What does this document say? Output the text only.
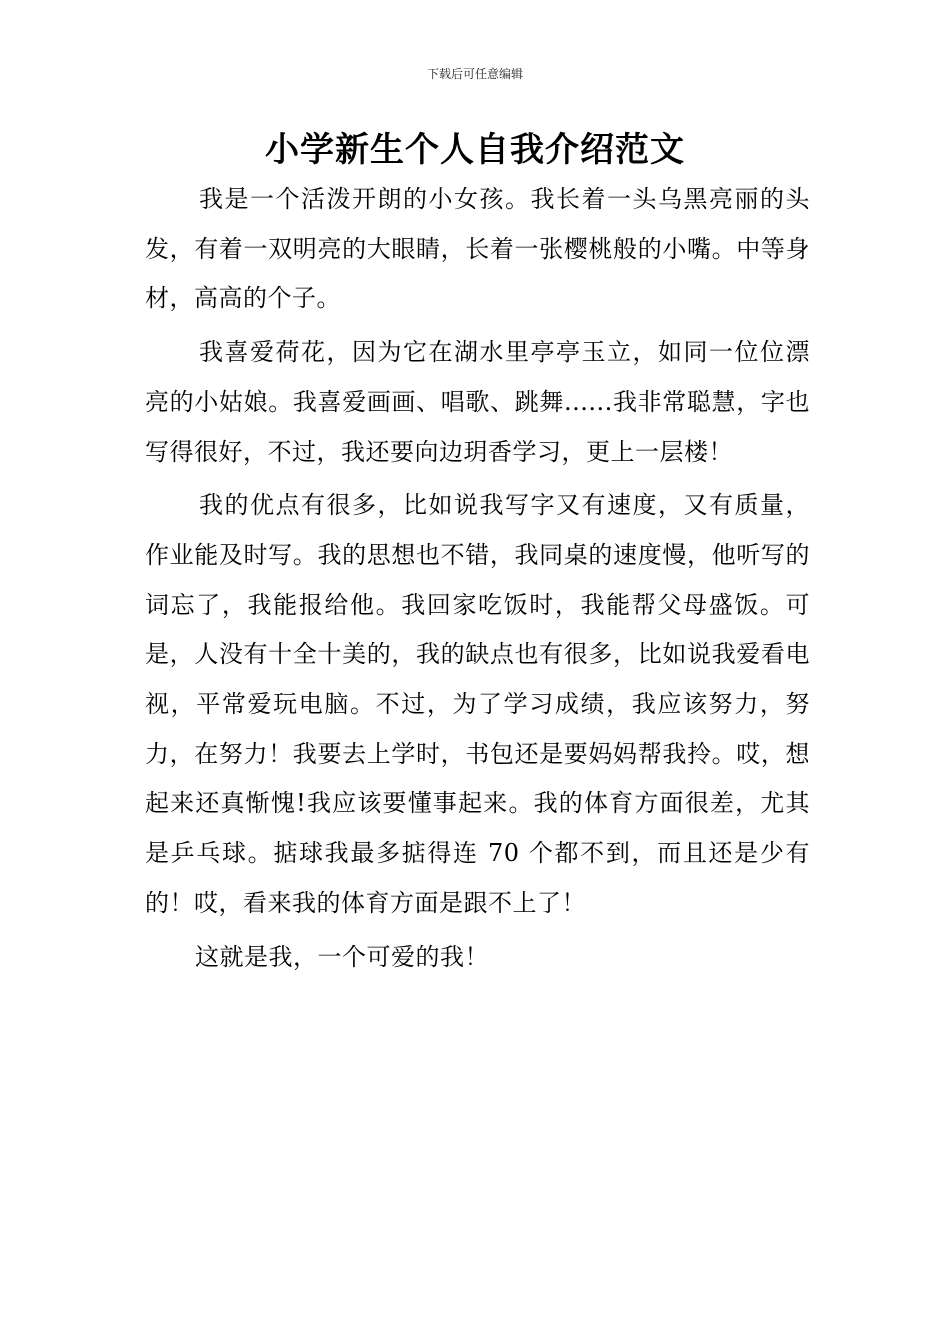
下载后可任意编辑
小学新生个人自我介绍范文

我是一个活泼开朗的小女孩。我长着一头乌黑亮丽的头发，有着一双明亮的大眼睛，长着一张樱桃般的小嘴。中等身材，高高的个子。

我喜爱荷花，因为它在湖水里亭亭玉立，如同一位位漂亮的小姑娘。我喜爱画画、唱歌、跳舞......我非常聪慧，字也写得很好，不过，我还要向边玥香学习，更上一层楼！

我的优点有很多，比如说我写字又有速度，又有质量，作业能及时写。我的思想也不错，我同桌的速度慢，他听写的词忘了，我能报给他。我回家吃饭时，我能帮父母盛饭。可是，人没有十全十美的，我的缺点也有很多，比如说我爱看电视，平常爱玩电脑。不过，为了学习成绩，我应该努力，努力，在努力！我要去上学时，书包还是要妈妈帮我拎。哎，想起来还真惭愧!我应该要懂事起来。我的体育方面很差，尤其是乒乓球。掂球我最多掂得连 70 个都不到，而且还是少有的！哎，看来我的体育方面是跟不上了！

这就是我，一个可爱的我！
